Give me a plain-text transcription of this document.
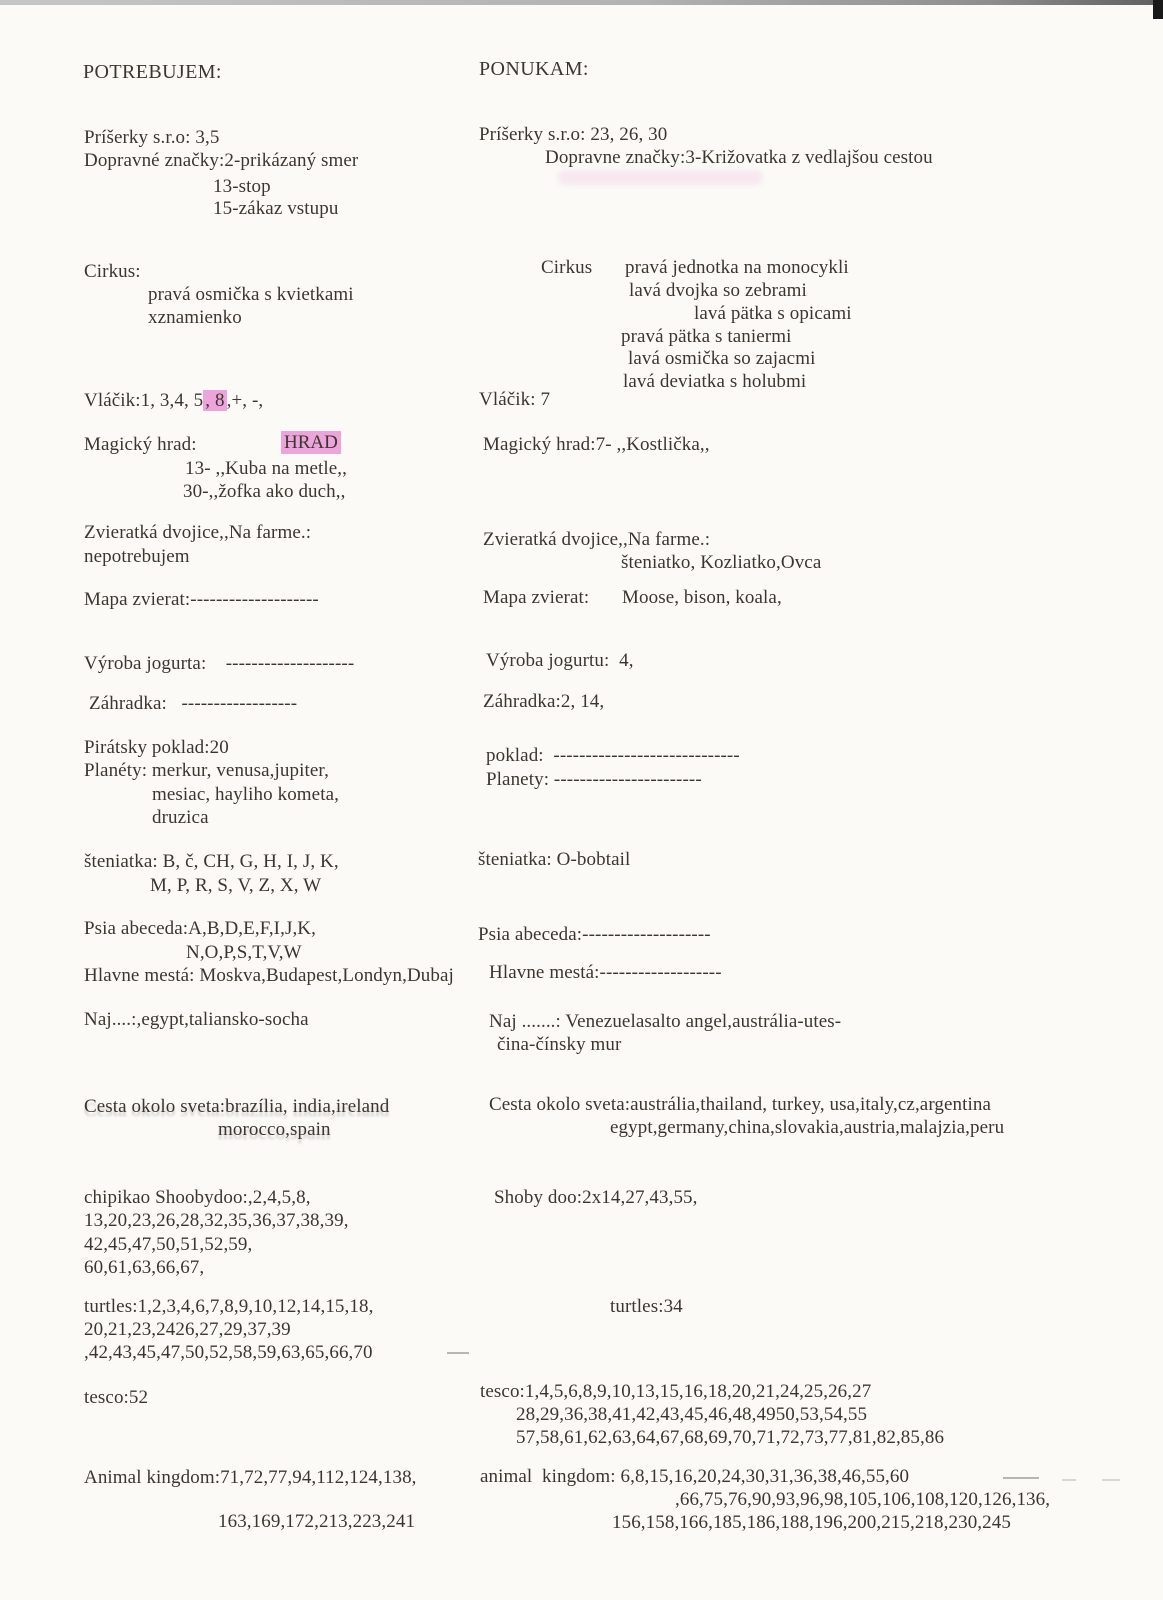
POTREBUJEM:
Príšerky s.r.o: 3,5
Dopravné značky:2-prikázaný smer
13-stop
15-zákaz vstupu
Cirkus:
pravá osmička s kvietkami
xznamienko
Vláčik:1, 3,4, 5 , 8 ,+, -,
Magický hrad:	HRAD
13- ,,Kuba na metle,,
30-,,žofka ako duch,,
Zvieratká dvojice,,Na farme.:
nepotrebujem
Mapa zvierat:--------------------
Výroba jogurta:    --------------------
Záhradka:   ------------------
Pirátsky poklad:20
Planéty: merkur, venusa,jupiter,
mesiac, hayliho kometa,
druzica
šteniatka: B, č, CH, G, H, I, J, K,
M, P, R, S, V, Z, X, W
Psia abeceda:A,B,D,E,F,I,J,K,
N,O,P,S,T,V,W
Hlavne mestá: Moskva,Budapest,Londyn,Dubaj
Naj....:,egypt,taliansko-socha
Cesta okolo sveta:brazília, india,ireland
morocco,spain
chipikao Shoobydoo:,2,4,5,8,
13,20,23,26,28,32,35,36,37,38,39,
42,45,47,50,51,52,59,
60,61,63,66,67,
turtles:1,2,3,4,6,7,8,9,10,12,14,15,18,
20,21,23,2426,27,29,37,39
,42,43,45,47,50,52,58,59,63,65,66,70
tesco:52
Animal kingdom:71,72,77,94,112,124,138,
163,169,172,213,223,241
PONUKAM:
Príšerky s.r.o: 23, 26, 30
Dopravne značky:3-Križovatka z vedlajšou cestou
Cirkus pravá jednotka na monocykli
lavá dvojka so zebrami
lavá pätka s opicami
pravá pätka s taniermi
lavá osmička so zajacmi
lavá deviatka s holubmi
Vláčik: 7
Magický hrad:7- ,,Kostlička,,
Zvieratká dvojice,,Na farme.:
šteniatko, Kozliatko,Ovca
Mapa zvierat: Moose, bison, koala,
Výroba jogurtu:  4,
Záhradka:2, 14,
poklad:  -----------------------------
Planety: -----------------------
šteniatka: O-bobtail
Psia abeceda:--------------------
Hlavne mestá:-------------------
Naj .......: Venezuelasalto angel,austrália-utes-
čina-čínsky mur
Cesta okolo sveta:austrália,thailand, turkey, usa,italy,cz,argentina
egypt,germany,china,slovakia,austria,malajzia,peru
Shoby doo:2x14,27,43,55,
turtles:34
tesco:1,4,5,6,8,9,10,13,15,16,18,20,21,24,25,26,27
28,29,36,38,41,42,43,45,46,48,4950,53,54,55
57,58,61,62,63,64,67,68,69,70,71,72,73,77,81,82,85,86
animal  kingdom: 6,8,15,16,20,24,30,31,36,38,46,55,60
,66,75,76,90,93,96,98,105,106,108,120,126,136,
156,158,166,185,186,188,196,200,215,218,230,245
